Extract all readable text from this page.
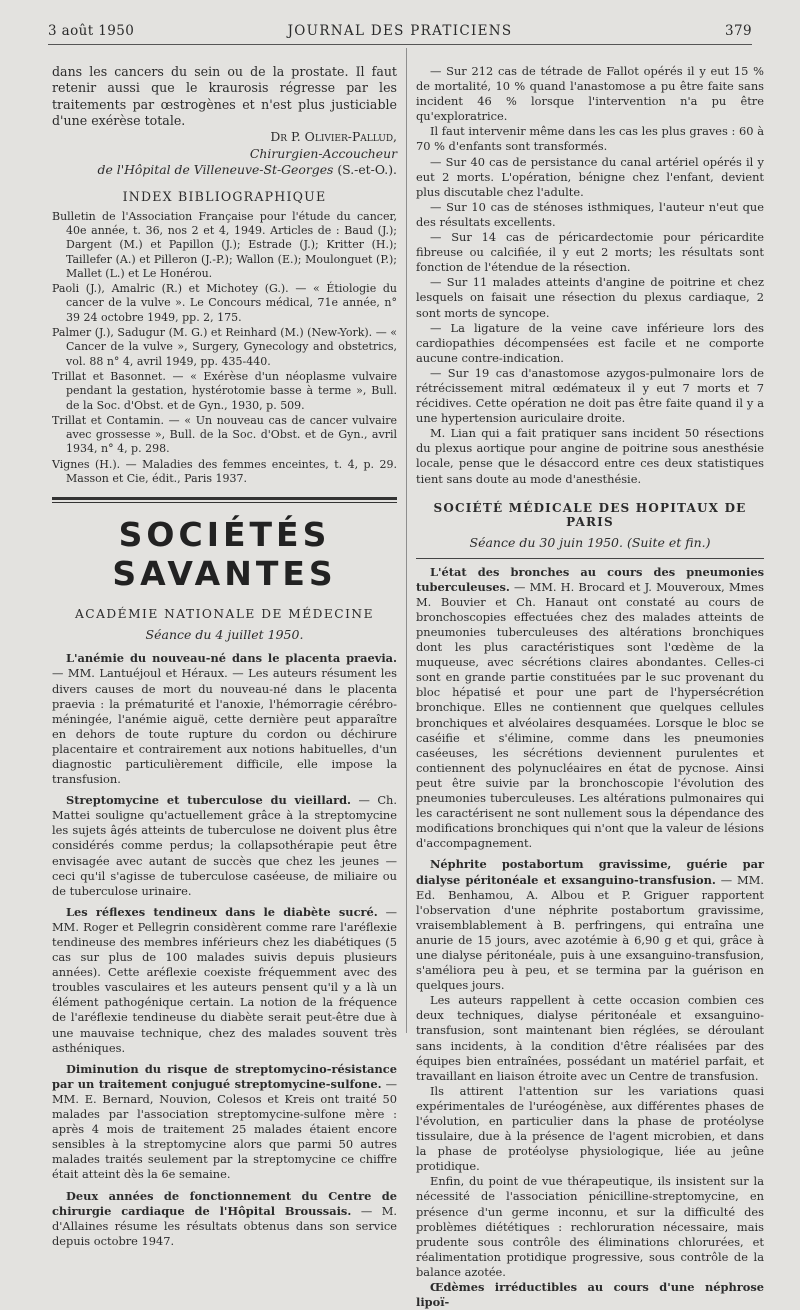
3 août 1950	JOURNAL DES PRATICIENS	379

dans les cancers du sein ou de la prostate. Il faut retenir aussi que le kraurosis régresse par les traitements par œstrogènes et n'est plus justiciable d'une exérèse totale.

Dr P. Olivier-Pallud,
Chirurgien-Accoucheur
de l'Hôpital de Villeneuve-St-Georges (S.-et-O.).
INDEX BIBLIOGRAPHIQUE

Bulletin de l'Association Française pour l'étude du cancer, 40e année, t. 36, nos 2 et 4, 1949. Articles de : Baud (J.); Dargent (M.) et Papillon (J.); Estrade (J.); Kritter (H.); Taillefer (A.) et Pilleron (J.-P.); Wallon (E.); Moulonguet (P.); Mallet (L.) et Le Honérou.

Paoli (J.), Amalric (R.) et Michotey (G.). — « Étiologie du cancer de la vulve ». Le Concours médical, 71e année, n° 39 24 octobre 1949, pp. 2, 175.

Palmer (J.), Sadugur (M. G.) et Reinhard (M.) (New-York). — « Cancer de la vulve », Surgery, Gynecology and obstetrics, vol. 88 n° 4, avril 1949, pp. 435-440.

Trillat et Basonnet. — « Exérèse d'un néoplasme vulvaire pendant la gestation, hystérotomie basse à terme », Bull. de la Soc. d'Obst. et de Gyn., 1930, p. 509.

Trillat et Contamin. — « Un nouveau cas de cancer vulvaire avec grossesse », Bull. de la Soc. d'Obst. et de Gyn., avril 1934, n° 4, p. 298.

Vignes (H.). — Maladies des femmes enceintes, t. 4, p. 29. Masson et Cie, édit., Paris 1937.

SOCIÉTÉS SAVANTES
ACADÉMIE NATIONALE DE MÉDECINE
Séance du 4 juillet 1950.

L'anémie du nouveau-né dans le placenta praevia. — MM. Lantuéjoul et Héraux. — Les auteurs résument les divers causes de mort du nouveau-né dans le placenta praevia : la prématurité et l'anoxie, l'hémorragie cérébro-méningée, l'anémie aiguë, cette dernière peut apparaître en dehors de toute rupture du cordon ou déchirure placentaire et contrairement aux notions habituelles, d'un diagnostic particulièrement difficile, elle impose la transfusion.

Streptomycine et tuberculose du vieillard. — Ch. Mattei souligne qu'actuellement grâce à la streptomycine les sujets âgés atteints de tuberculose ne doivent plus être considérés comme perdus; la collapsothérapie peut être envisagée avec autant de succès que chez les jeunes — ceci qu'il s'agisse de tuberculose caséeuse, de miliaire ou de tuberculose urinaire.

Les réflexes tendineux dans le diabète sucré. — MM. Roger et Pellegrin considèrent comme rare l'aréflexie tendineuse des membres inférieurs chez les diabétiques (5 cas sur plus de 100 malades suivis depuis plusieurs années). Cette aréflexie coexiste fréquemment avec des troubles vasculaires et les auteurs pensent qu'il y a là un élément pathogénique certain. La notion de la fréquence de l'aréflexie tendineuse du diabète serait peut-être due à une mauvaise technique, chez des malades souvent très asthéniques.

Diminution du risque de streptomycino-résistance par un traitement conjugué streptomycine-sulfone. — MM. E. Bernard, Nouvion, Colesos et Kreis ont traité 50 malades par l'association streptomycine-sulfone mère : après 4 mois de traitement 25 malades étaient encore sensibles à la streptomycine alors que parmi 50 autres malades traités seulement par la streptomycine ce chiffre était atteint dès la 6e semaine.

Deux années de fonctionnement du Centre de chirurgie cardiaque de l'Hôpital Broussais. — M. d'Allaines résume les résultats obtenus dans son service depuis octobre 1947.

— Sur 212 cas de tétrade de Fallot opérés il y eut 15 % de mortalité, 10 % quand l'anastomose a pu être faite sans incident 46 % lorsque l'intervention n'a pu être qu'exploratrice.

Il faut intervenir même dans les cas les plus graves : 60 à 70 % d'enfants sont transformés.

— Sur 40 cas de persistance du canal artériel opérés il y eut 2 morts. L'opération, bénigne chez l'enfant, devient plus discutable chez l'adulte.

— Sur 10 cas de sténoses isthmiques, l'auteur n'eut que des résultats excellents.

— Sur 14 cas de péricardectomie pour péricardite fibreuse ou calcifiée, il y eut 2 morts; les résultats sont fonction de l'étendue de la résection.

— Sur 11 malades atteints d'angine de poitrine et chez lesquels on faisait une résection du plexus cardiaque, 2 sont morts de syncope.

— La ligature de la veine cave inférieure lors des cardiopathies décompensées est facile et ne comporte aucune contre-indication.

— Sur 19 cas d'anastomose azygos-pulmonaire lors de rétrécissement mitral œdémateux il y eut 7 morts et 7 récidives. Cette opération ne doit pas être faite quand il y a une hypertension auriculaire droite.

M. Lian qui a fait pratiquer sans incident 50 résections du plexus aortique pour angine de poitrine sous anesthésie locale, pense que le désaccord entre ces deux statistiques tient sans doute au mode d'anesthésie.

SOCIÉTÉ MÉDICALE DES HOPITAUX DE PARIS
Séance du 30 juin 1950. (Suite et fin.)

L'état des bronches au cours des pneumonies tuberculeuses. — MM. H. Brocard et J. Mouveroux, Mmes M. Bouvier et Ch. Hanaut ont constaté au cours de bronchoscopies effectuées chez des malades atteints de pneumonies tuberculeuses des altérations bronchiques dont les plus caractéristiques sont l'œdème de la muqueuse, avec sécrétions claires abondantes. Celles-ci sont en grande partie constituées par le suc provenant du bloc hépatisé et pour une part de l'hypersécrétion bronchique. Elles ne contiennent que quelques cellules bronchiques et alvéolaires desquamées. Lorsque le bloc se caséifie et s'élimine, comme dans les pneumonies caséeuses, les sécrétions deviennent purulentes et contiennent des polynucléaires en état de pycnose. Ainsi peut être suivie par la bronchoscopie l'évolution des pneumonies tuberculeuses. Les altérations pulmonaires qui les caractérisent ne sont nullement sous la dépendance des modifications bronchiques qui n'ont que la valeur de lésions d'accompagnement.

Néphrite postabortum gravissime, guérie par dialyse péritonéale et exsanguino-transfusion. — MM. Ed. Benhamou, A. Albou et P. Griguer rapportent l'observation d'une néphrite postabortum gravissime, vraisemblablement à B. perfringens, qui entraîna une anurie de 15 jours, avec azotémie à 6,90 g et qui, grâce à une dialyse péritonéale, puis à une exsanguino-transfusion, s'améliora peu à peu, et se termina par la guérison en quelques jours.

Les auteurs rappellent à cette occasion combien ces deux techniques, dialyse péritonéale et exsanguino-transfusion, sont maintenant bien réglées, se déroulant sans incidents, à la condition d'être réalisées par des équipes bien entraînées, possédant un matériel parfait, et travaillant en liaison étroite avec un Centre de transfusion.

Ils attirent l'attention sur les variations quasi expérimentales de l'uréogénèse, aux différentes phases de l'évolution, en particulier dans la phase de protéolyse tissulaire, due à la présence de l'agent microbien, et dans la phase de protéolyse physiologique, liée au jeûne protidique.

Enfin, du point de vue thérapeutique, ils insistent sur la nécessité de l'association pénicilline-streptomycine, en présence d'un germe inconnu, et sur la difficulté des problèmes diététiques : rechloruration nécessaire, mais prudente sous contrôle des éliminations chlorurées, et réalimentation protidique progressive, sous contrôle de la balance azotée.

Œdèmes irréductibles au cours d'une néphrose lipoï-
